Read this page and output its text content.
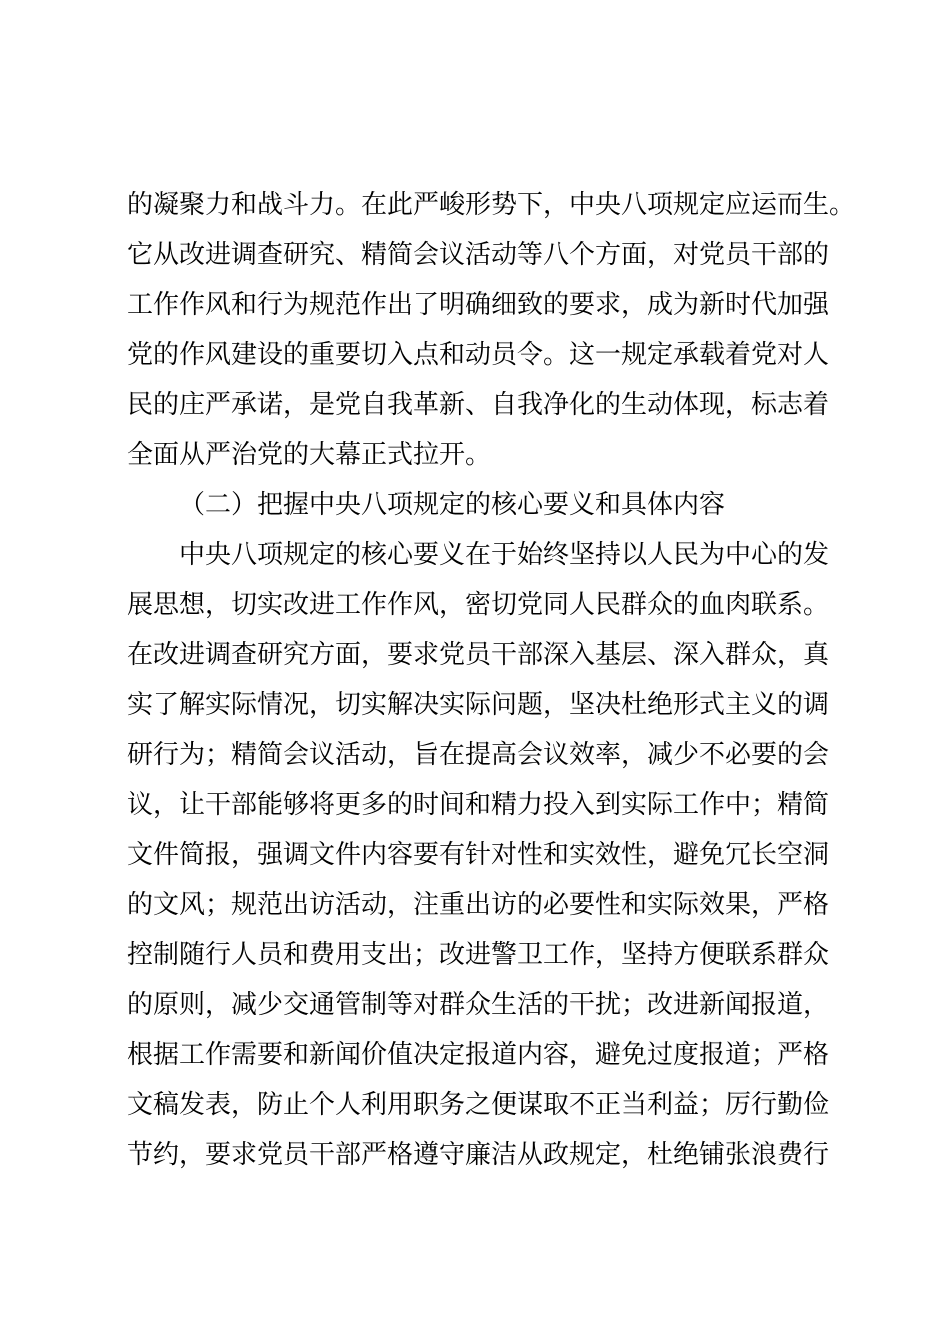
的凝聚力和战斗力。在此严峻形势下，中央八项规定应运而生。
它从改进调查研究、精简会议活动等八个方面，对党员干部的
工作作风和行为规范作出了明确细致的要求，成为新时代加强
党的作风建设的重要切入点和动员令。这一规定承载着党对人
民的庄严承诺，是党自我革新、自我净化的生动体现，标志着
全面从严治党的大幕正式拉开。
（二）把握中央八项规定的核心要义和具体内容
中央八项规定的核心要义在于始终坚持以人民为中心的发
展思想，切实改进工作作风，密切党同人民群众的血肉联系。
在改进调查研究方面，要求党员干部深入基层、深入群众，真
实了解实际情况，切实解决实际问题，坚决杜绝形式主义的调
研行为；精简会议活动，旨在提高会议效率，减少不必要的会
议，让干部能够将更多的时间和精力投入到实际工作中；精简
文件简报，强调文件内容要有针对性和实效性，避免冗长空洞
的文风；规范出访活动，注重出访的必要性和实际效果，严格
控制随行人员和费用支出；改进警卫工作，坚持方便联系群众
的原则，减少交通管制等对群众生活的干扰；改进新闻报道，
根据工作需要和新闻价值决定报道内容，避免过度报道；严格
文稿发表，防止个人利用职务之便谋取不正当利益；厉行勤俭
节约，要求党员干部严格遵守廉洁从政规定，杜绝铺张浪费行
